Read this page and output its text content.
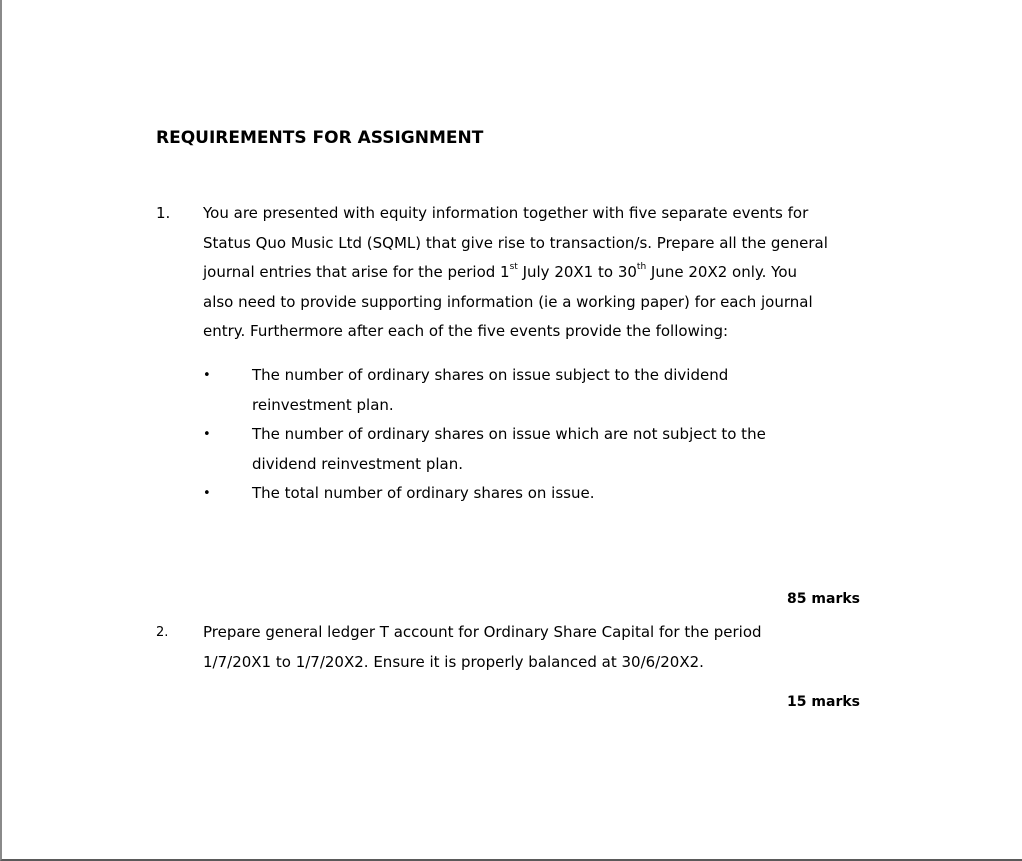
REQUIREMENTS FOR ASSIGNMENT
1. You are presented with equity information together with five separate events for
Status Quo Music Ltd (SQML) that give rise to transaction/s. Prepare all the general
journal entries that arise for the period 1st July 20X1 to 30th June 20X2 only. You
also need to provide supporting information (ie a working paper) for each journal
entry. Furthermore after each of the five events provide the following:
•	The number of ordinary shares on issue subject to the dividend
reinvestment plan.
•	The number of ordinary shares on issue which are not subject to the
dividend reinvestment plan.
•	The total number of ordinary shares on issue.
85 marks
2. Prepare general ledger T account for Ordinary Share Capital for the period
1/7/20X1 to 1/7/20X2. Ensure it is properly balanced at 30/6/20X2.
15 marks
